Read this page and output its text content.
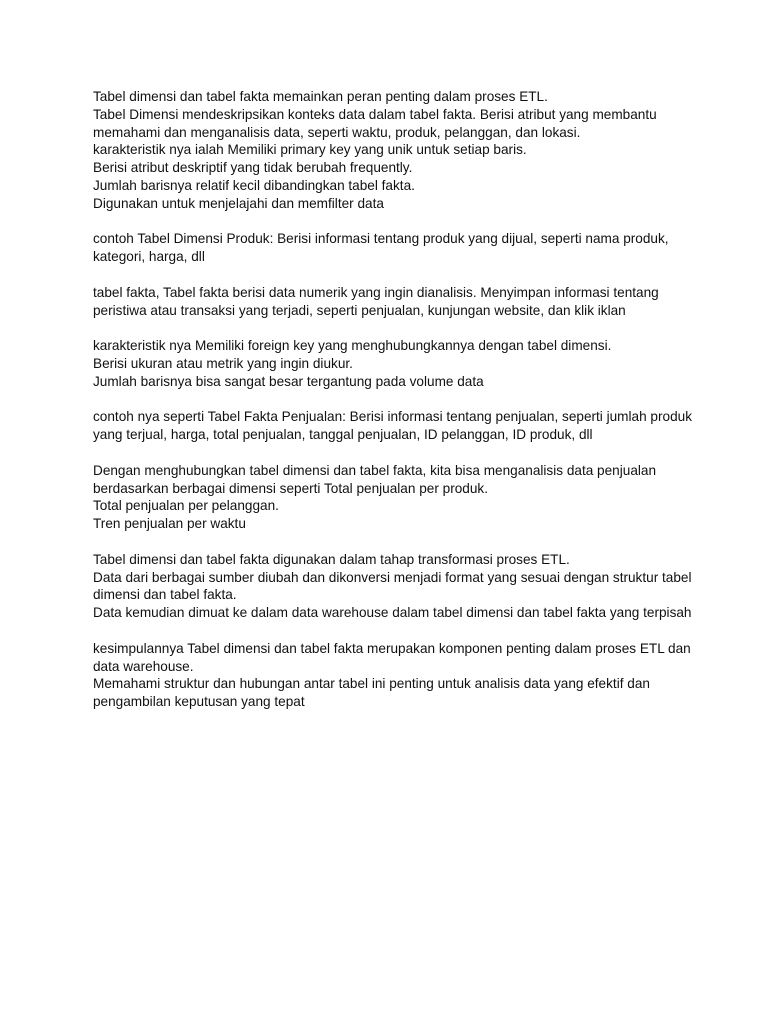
Tabel dimensi dan tabel fakta memainkan peran penting dalam proses ETL.
Tabel Dimensi mendeskripsikan konteks data dalam tabel fakta. Berisi atribut yang membantu memahami dan menganalisis data, seperti waktu, produk, pelanggan, dan lokasi.
karakteristik nya ialah Memiliki primary key yang unik untuk setiap baris.
Berisi atribut deskriptif yang tidak berubah frequently.
Jumlah barisnya relatif kecil dibandingkan tabel fakta.
Digunakan untuk menjelajahi dan memfilter data
contoh Tabel Dimensi Produk: Berisi informasi tentang produk yang dijual, seperti nama produk, kategori, harga, dll
tabel fakta, Tabel fakta berisi data numerik yang ingin dianalisis. Menyimpan informasi tentang peristiwa atau transaksi yang terjadi, seperti penjualan, kunjungan website, dan klik iklan
karakteristik nya Memiliki foreign key yang menghubungkannya dengan tabel dimensi.
Berisi ukuran atau metrik yang ingin diukur.
Jumlah barisnya bisa sangat besar tergantung pada volume data
contoh nya seperti Tabel Fakta Penjualan: Berisi informasi tentang penjualan, seperti jumlah produk yang terjual, harga, total penjualan, tanggal penjualan, ID pelanggan, ID produk, dll
Dengan menghubungkan tabel dimensi dan tabel fakta, kita bisa menganalisis data penjualan berdasarkan berbagai dimensi seperti Total penjualan per produk.
Total penjualan per pelanggan.
Tren penjualan per waktu
Tabel dimensi dan tabel fakta digunakan dalam tahap transformasi proses ETL.
Data dari berbagai sumber diubah dan dikonversi menjadi format yang sesuai dengan struktur tabel dimensi dan tabel fakta.
Data kemudian dimuat ke dalam data warehouse dalam tabel dimensi dan tabel fakta yang terpisah
kesimpulannya Tabel dimensi dan tabel fakta merupakan komponen penting dalam proses ETL dan data warehouse.
Memahami struktur dan hubungan antar tabel ini penting untuk analisis data yang efektif dan pengambilan keputusan yang tepat
